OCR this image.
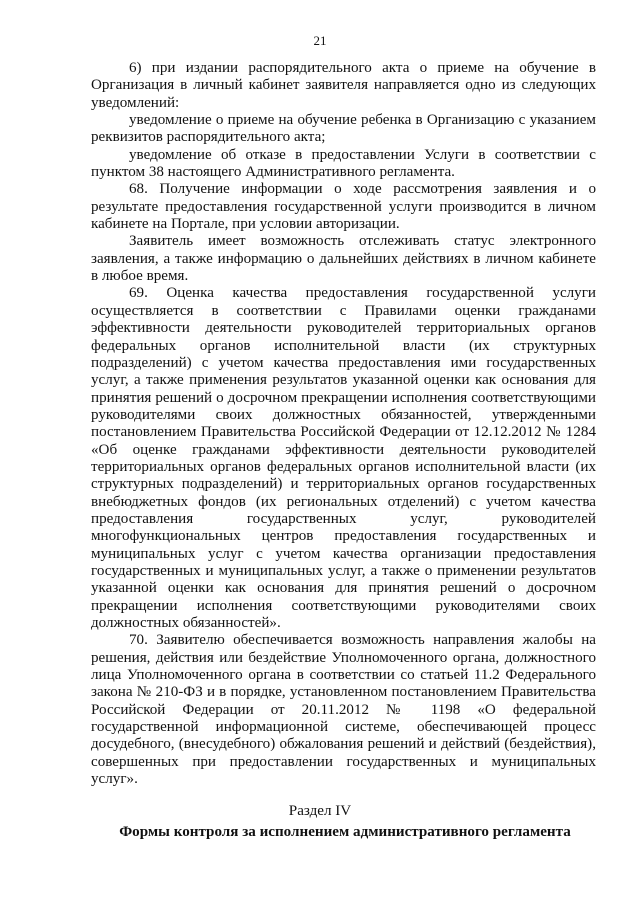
21

6) при издании распорядительного акта о приеме на обучение в Организация в личный кабинет заявителя направляется одно из следующих уведомлений:

уведомление о приеме на обучение ребенка в Организацию с указанием реквизитов распорядительного акта;

уведомление об отказе в предоставлении Услуги в соответствии с пунктом 38 настоящего Административного регламента.

68. Получение информации о ходе рассмотрения заявления и о результате предоставления государственной услуги производится в личном кабинете на Портале, при условии авторизации.

Заявитель имеет возможность отслеживать статус электронного заявления, а также информацию о дальнейших действиях в личном кабинете в любое время.

69. Оценка качества предоставления государственной услуги осуществляется в соответствии с Правилами оценки гражданами эффективности деятельности руководителей территориальных органов федеральных органов исполнительной власти (их структурных подразделений) с учетом качества предоставления ими государственных услуг, а также применения результатов указанной оценки как основания для принятия решений о досрочном прекращении исполнения соответствующими руководителями своих должностных обязанностей, утвержденными постановлением Правительства Российской Федерации от 12.12.2012 № 1284 «Об оценке гражданами эффективности деятельности руководителей территориальных органов федеральных органов исполнительной власти (их структурных подразделений) и территориальных органов государственных внебюджетных фондов (их региональных отделений) с учетом качества предоставления государственных услуг, руководителей многофункциональных центров предоставления государственных и муниципальных услуг с учетом качества организации предоставления государственных и муниципальных услуг, а также о применении результатов указанной оценки как основания для принятия решений о досрочном прекращении исполнения соответствующими руководителями своих должностных обязанностей».

70. Заявителю обеспечивается возможность направления жалобы на решения, действия или бездействие Уполномоченного органа, должностного лица Уполномоченного органа в соответствии со статьей 11.2 Федерального закона № 210-ФЗ и в порядке, установленном постановлением Правительства Российской Федерации от 20.11.2012 № 1198 «О федеральной государственной информационной системе, обеспечивающей процесс досудебного, (внесудебного) обжалования решений и действий (бездействия), совершенных при предоставлении государственных и муниципальных услуг».

Раздел IV
Формы контроля за исполнением административного регламента
